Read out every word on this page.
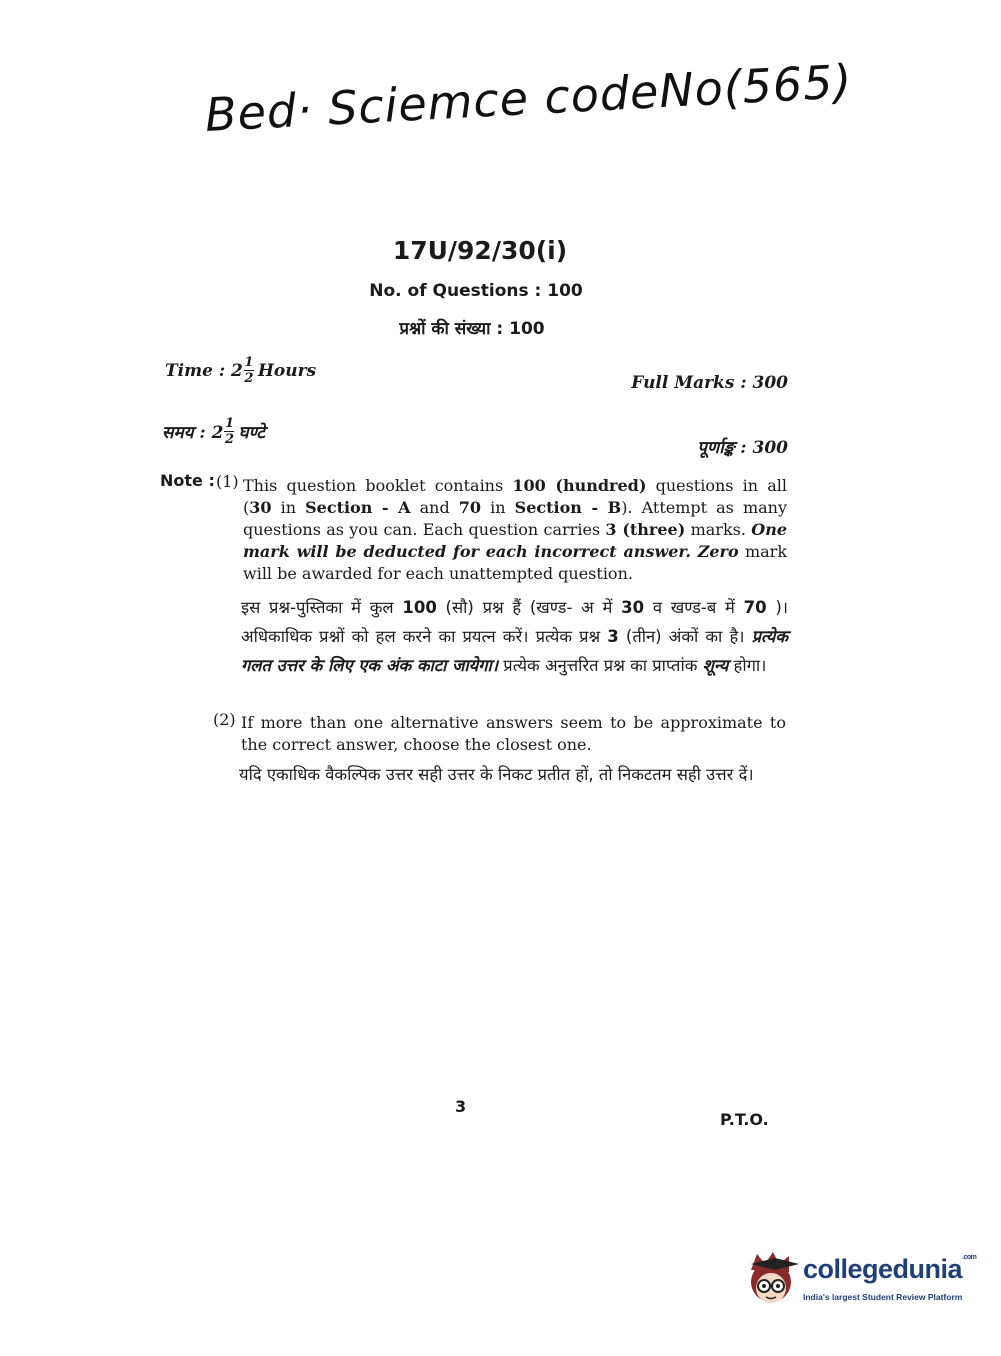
Bed· Sciemce codeNo(565)
17U/92/30(i)
No. of Questions : 100
प्रश्नों की संख्या : 100
Time : $2 \frac{1}{2}$ Hours
Full Marks : 300
समय : $2 \frac{1}{2}$ घण्टे
पूर्णाङ्क : 300
Note : (1) This question booklet contains 100 (hundred) questions in all (30 in Section - A and 70 in Section - B). Attempt as many questions as you can. Each question carries 3 (three) marks. One mark will be deducted for each incorrect answer. Zero mark will be awarded for each unattempted question.
इस प्रश्न-पुस्तिका में कुल 100 (सौ) प्रश्न हैं (खण्ड- अ में 30 व खण्ड-ब में 70 )। अधिकाधिक प्रश्नों को हल करने का प्रयत्न करें। प्रत्येक प्रश्न 3 (तीन) अंकों का है। प्रत्येक गलत उत्तर के लिए एक अंक काटा जायेगा। प्रत्येक अनुत्तरित प्रश्न का प्राप्तांक शून्य होगा।
(2) If more than one alternative answers seem to be approximate to the correct answer, choose the closest one.
यदि एकाधिक वैकल्पिक उत्तर सही उत्तर के निकट प्रतीत हों, तो निकटतम सही उत्तर दें।
3
P.T.O.
collegedunia$^{.com}$
India's largest Student Review Platform
